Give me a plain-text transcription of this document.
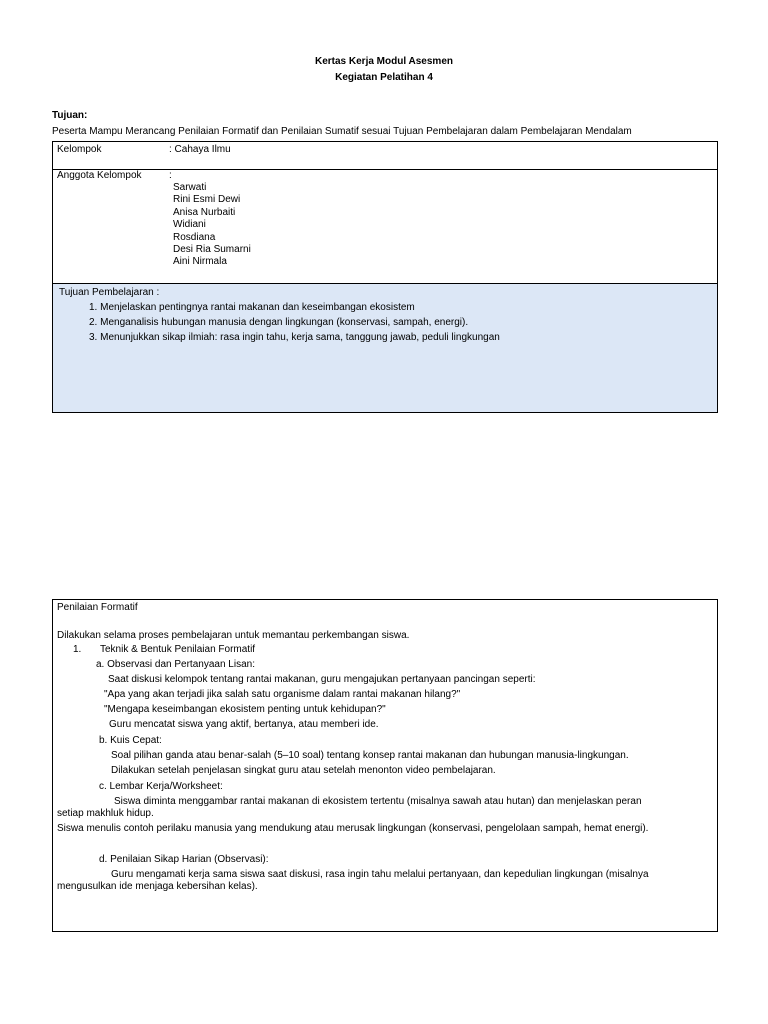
Kertas Kerja Modul Asesmen
Kegiatan Pelatihan 4
Tujuan:
Peserta Mampu Merancang Penilaian Formatif dan Penilaian Sumatif sesuai Tujuan Pembelajaran dalam Pembelajaran Mendalam
Kelompok	: Cahaya Ilmu
Anggota Kelompok	:
Sarwati
Rini Esmi Dewi
Anisa Nurbaiti
Widiani
Rosdiana
Desi Ria Sumarni
Aini Nirmala
Tujuan Pembelajaran :
1. Menjelaskan pentingnya rantai makanan dan keseimbangan ekosistem
2. Menganalisis hubungan manusia dengan lingkungan (konservasi, sampah, energi).
3. Menunjukkan sikap ilmiah: rasa ingin tahu, kerja sama, tanggung jawab, peduli lingkungan
Penilaian Formatif
Dilakukan selama proses pembelajaran untuk memantau perkembangan siswa.
1. Teknik & Bentuk Penilaian Formatif
a. Observasi dan Pertanyaan Lisan:
Saat diskusi kelompok tentang rantai makanan, guru mengajukan pertanyaan pancingan seperti:
"Apa yang akan terjadi jika salah satu organisme dalam rantai makanan hilang?"
"Mengapa keseimbangan ekosistem penting untuk kehidupan?"
Guru mencatat siswa yang aktif, bertanya, atau memberi ide.
b. Kuis Cepat:
Soal pilihan ganda atau benar-salah (5–10 soal) tentang konsep rantai makanan dan hubungan manusia-lingkungan.
Dilakukan setelah penjelasan singkat guru atau setelah menonton video pembelajaran.
c. Lembar Kerja/Worksheet:
Siswa diminta menggambar rantai makanan di ekosistem tertentu (misalnya sawah atau hutan) dan menjelaskan peran
setiap makhluk hidup.
Siswa menulis contoh perilaku manusia yang mendukung atau merusak lingkungan (konservasi, pengelolaan sampah, hemat energi).
d. Penilaian Sikap Harian (Observasi):
Guru mengamati kerja sama siswa saat diskusi, rasa ingin tahu melalui pertanyaan, dan kepedulian lingkungan (misalnya
mengusulkan ide menjaga kebersihan kelas).
